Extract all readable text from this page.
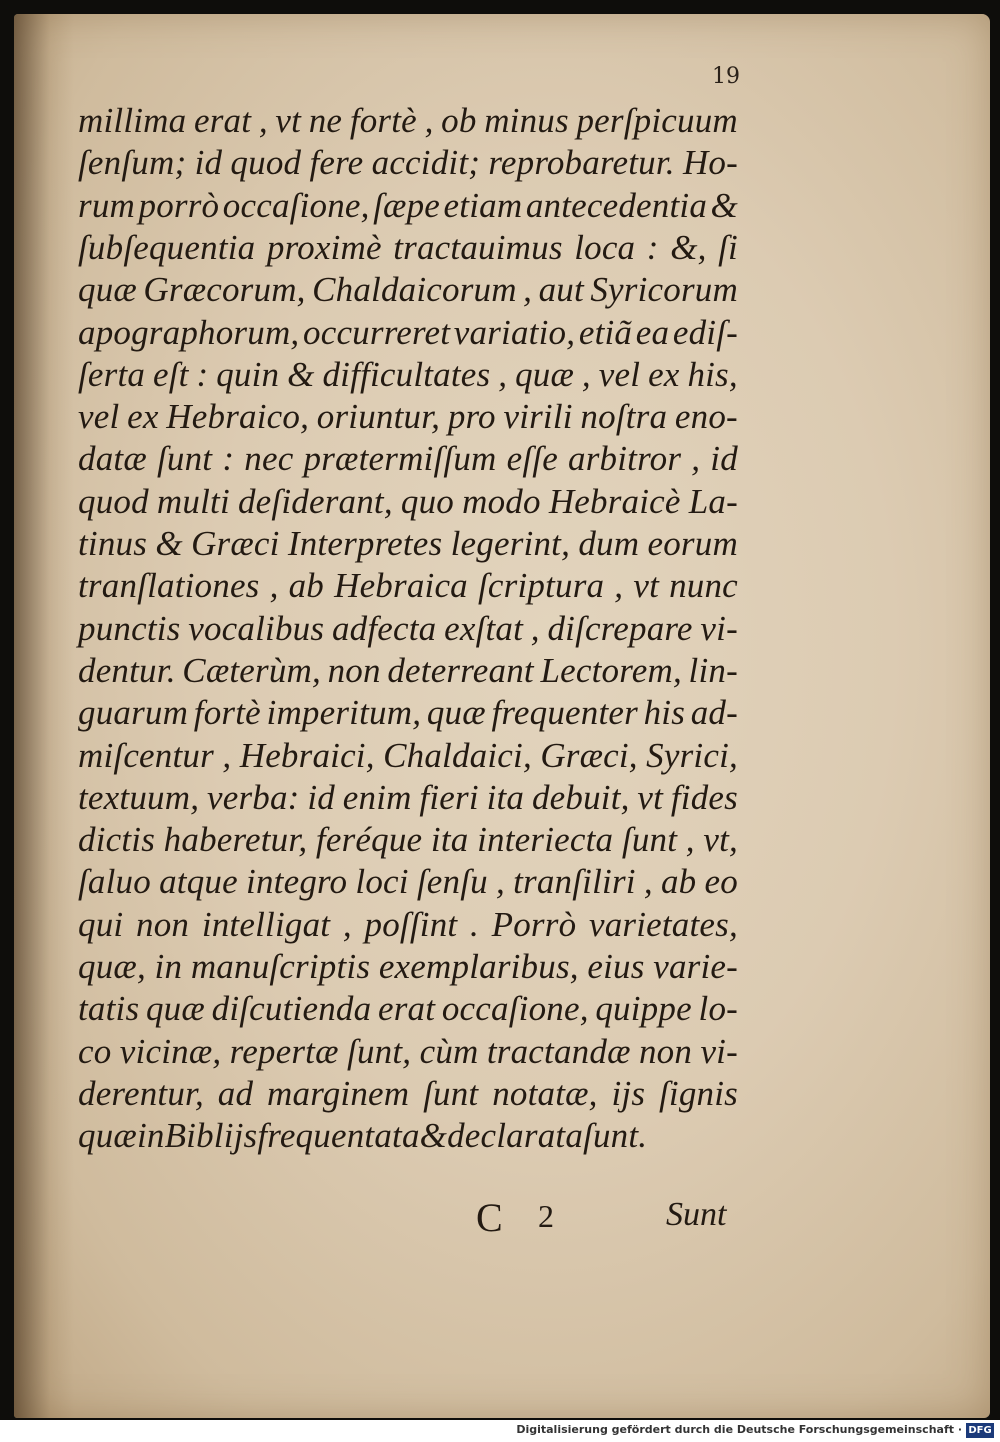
19
millima erat , vt ne fortè , ob minus perſpicuum
ſenſum; id quod fere accidit; reprobaretur. Ho-
rum porrò occaſione, ſæpe etiam antecedentia &
ſubſequentia proximè tractauimus loca : &, ſi
quæ Græcorum, Chaldaicorum , aut Syricorum
apographorum, occurreret variatio, etiã ea ediſ-
ſerta eſt : quin & difficultates , quæ , vel ex his,
vel ex Hebraico, oriuntur, pro virili noſtra eno-
datæ ſunt : nec prætermiſſum eſſe arbitror , id
quod multi deſiderant, quo modo Hebraicè La-
tinus & Græci Interpretes legerint, dum eorum
tranſlationes , ab Hebraica ſcriptura , vt nunc
punctis vocalibus adfecta exſtat , diſcrepare vi-
dentur. Cæterùm, non deterreant Lectorem, lin-
guarum fortè imperitum, quæ frequenter his ad-
miſcentur , Hebraici, Chaldaici, Græci, Syrici,
textuum, verba: id enim fieri ita debuit, vt fides
dictis haberetur, feréque ita interiecta ſunt , vt,
ſaluo atque integro loci ſenſu , tranſiliri , ab eo
qui non intelligat , poſſint . Porrò varietates,
quæ, in manuſcriptis exemplaribus, eius varie-
tatis quæ diſcutienda erat occaſione, quippe lo-
co vicinæ, repertæ ſunt, cùm tractandæ non vi-
derentur, ad marginem ſunt notatæ, ijs ſignis
quæ in Biblijs frequentata & declarata ſunt.
C 2	Sunt
Digitalisierung gefördert durch die Deutsche Forschungsgemeinschaft · DFG
